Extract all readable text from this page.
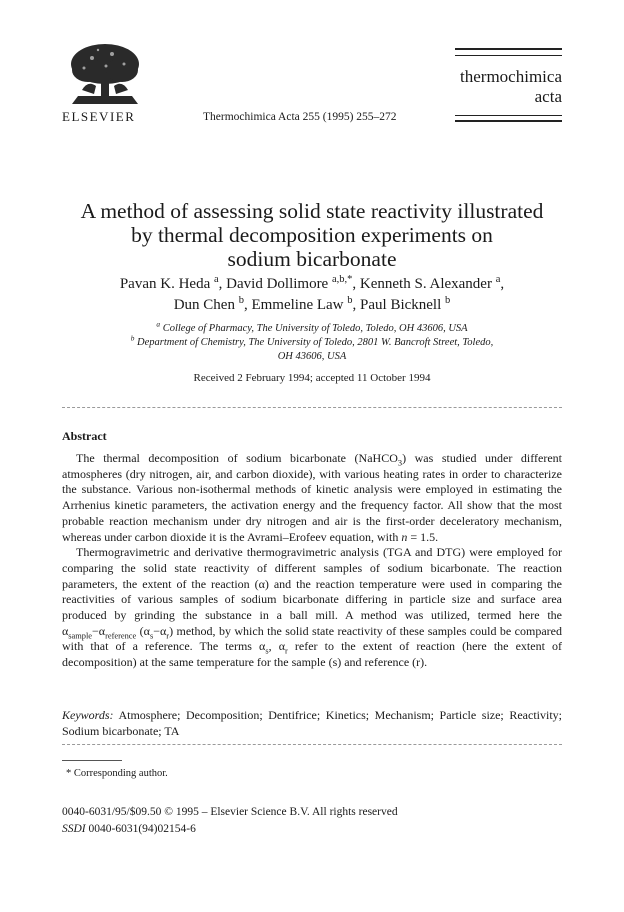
ELSEVIER	Thermochimica Acta 255 (1995) 255–272
thermochimica
acta
A method of assessing solid state reactivity illustrated
by thermal decomposition experiments on
sodium bicarbonate
Pavan K. Heda $^a$, David Dollimore $^{a,b,*}$, Kenneth S. Alexander $^a$,
Dun Chen $^b$, Emmeline Law $^b$, Paul Bicknell $^b$
$^a$ College of Pharmacy, The University of Toledo, Toledo, OH 43606, USA
$^b$ Department of Chemistry, The University of Toledo, 2801 W. Bancroft Street, Toledo,
OH 43606, USA
Received 2 February 1994; accepted 11 October 1994
Abstract

The thermal decomposition of sodium bicarbonate (NaHCO$_3$) was studied under different atmospheres (dry nitrogen, air, and carbon dioxide), with various heating rates in order to characterize the substance. Various non-isothermal methods of kinetic analysis were employed in estimating the Arrhenius kinetic parameters, the activation energy and the frequency factor. All show that the most probable reaction mechanism under dry nitrogen and air is the first-order deceleratory mechanism, whereas under carbon dioxide it is the Avrami–Erofeev equation, with n = 1.5.

Thermogravimetric and derivative thermogravimetric analysis (TGA and DTG) were employed for comparing the solid state reactivity of different samples of sodium bicarbonate. The reaction parameters, the extent of the reaction (α) and the reaction temperature were used in comparing the reactivities of various samples of sodium bicarbonate differing in particle size and surface area produced by grinding the substance in a ball mill. A method was utilized, termed here the $\alpha_{sample}-\alpha_{reference}$ $(\alpha_s-\alpha_r)$ method, by which the solid state reactivity of these samples could be compared with that of a reference. The terms $\alpha_s$, $\alpha_r$ refer to the extent of reaction (here the extent of decomposition) at the same temperature for the sample (s) and reference (r).

Keywords: Atmosphere; Decomposition; Dentifrice; Kinetics; Mechanism; Particle size; Reactivity; Sodium bicarbonate; TA
* Corresponding author.
0040-6031/95/$09.50 © 1995 – Elsevier Science B.V. All rights reserved
SSDI 0040-6031(94)02154-6
